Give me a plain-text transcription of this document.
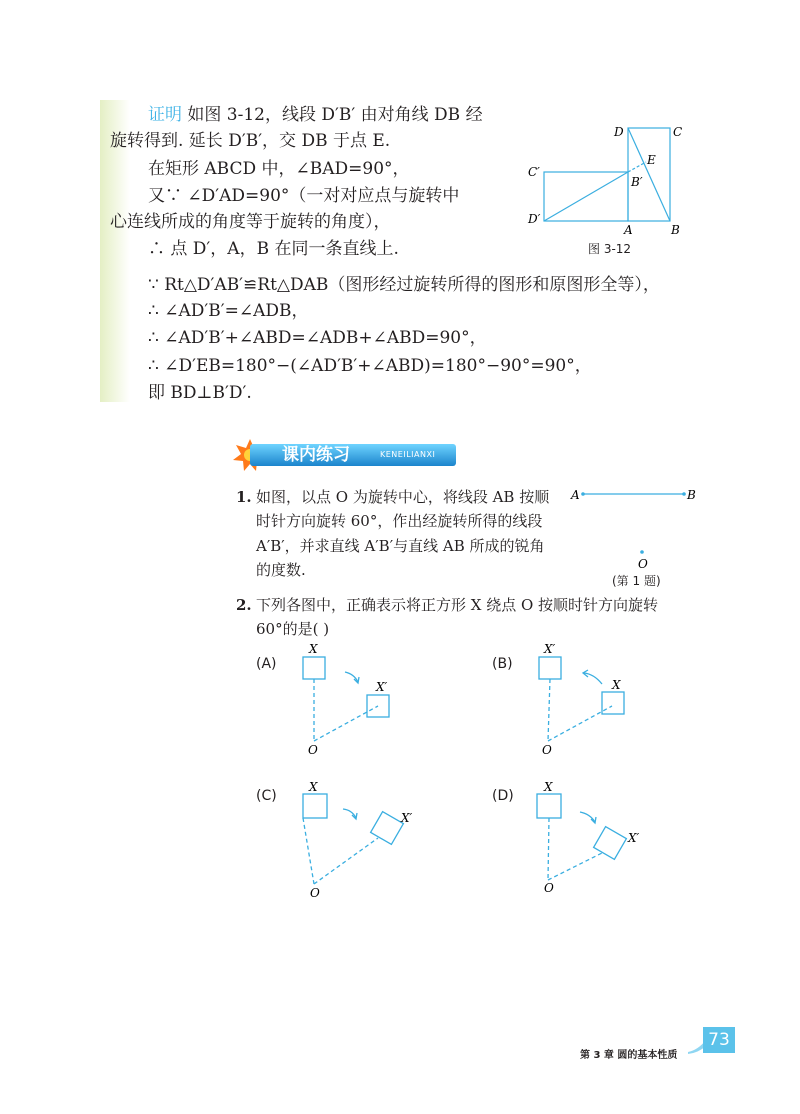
证明 如图 3-12，线段 D′B′ 由对角线 DB 经
旋转得到. 延长 D′B′，交 DB 于点 E.
在矩形 ABCD 中，∠BAD=90°，
又∵ ∠D′AD=90°（一对对应点与旋转中
心连线所成的角度等于旋转的角度），
∴ 点 D′，A，B 在同一条直线上.
∵ Rt△D′AB′≌Rt△DAB（图形经过旋转所得的图形和原图形全等），
∴ ∠AD′B′=∠ADB，
∴ ∠AD′B′+∠ABD=∠ADB+∠ABD=90°，
∴ ∠D′EB=180°−(∠AD′B′+∠ABD)=180°−90°=90°，
即 BD⊥B′D′.
D	C
E
C′
B′
D′
A	B
图 3-12
课内练习	KENEILIANXI
1. 如图，以点 O 为旋转中心，将线段 AB 按顺
时针方向旋转 60°，作出经旋转所得的线段
A′B′，并求直线 A′B′与直线 AB 所成的锐角
的度数.
A	B
O
(第 1 题)
2. 下列各图中，正确表示将正方形 X 绕点 O 按顺时针方向旋转
60°的是( )
(A)
X
X′
O
(B)
X′
X
O
(C)
X
X′
O
(D)
X
X′
O
第 3 章 圆的基本性质
73
